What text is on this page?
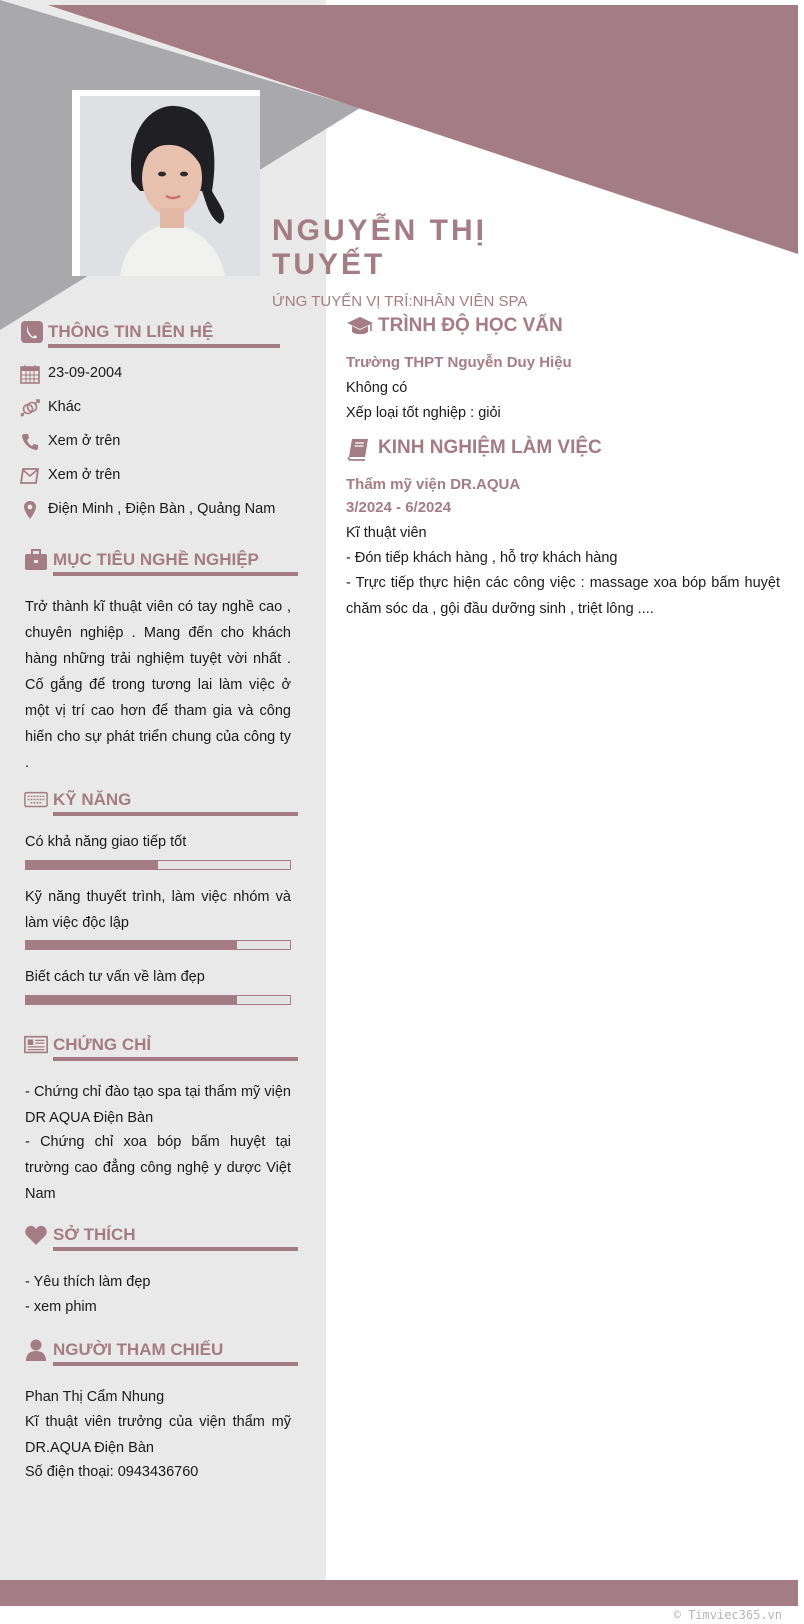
NGUYỄN THỊ TUYẾT
ỨNG TUYỂN VỊ TRÍ:NHÂN VIÊN SPA
THÔNG TIN LIÊN HỆ
23-09-2004
Khác
Xem ở trên
Xem ở trên
Điện Minh , Điện Bàn , Quảng Nam
MỤC TIÊU NGHỀ NGHIỆP
Trở thành kĩ thuật viên có tay nghề cao , chuyên nghiệp . Mang đến cho khách hàng những trải nghiệm tuyệt vời nhất . Cố gắng để trong tương lai làm việc ở một vị trí cao hơn để tham gia và công hiến cho sự phát triển chung của công ty .
KỸ NĂNG
Có khả năng giao tiếp tốt
Kỹ năng thuyết trình, làm việc nhóm và làm việc độc lập
Biết cách tư vấn về làm đẹp
CHỨNG CHỈ
- Chứng chỉ đào tạo spa tại thẩm mỹ viện DR AQUA Điện Bàn
- Chứng chỉ xoa bóp bấm huyệt tại trường cao đẳng công nghệ y dược Việt Nam
SỞ THÍCH
- Yêu thích làm đẹp
- xem phim
NGƯỜI THAM CHIẾU
Phan Thị Cẩm Nhung
Kĩ thuật viên trưởng của viện thẩm mỹ DR.AQUA Điện Bàn
Số điện thoại: 0943436760
TRÌNH ĐỘ HỌC VẤN
Trường THPT Nguyễn Duy Hiệu
Không có
Xếp loại tốt nghiệp : giỏi
KINH NGHIỆM LÀM VIỆC
Thẩm mỹ viện DR.AQUA
3/2024 - 6/2024
Kĩ thuật viên
- Đón tiếp khách hàng , hỗ trợ khách hàng
- Trực tiếp thực hiện các công việc : massage xoa bóp bấm huyệt chăm sóc da , gội đầu dưỡng sinh , triệt lông ....
© Timviec365.vn
